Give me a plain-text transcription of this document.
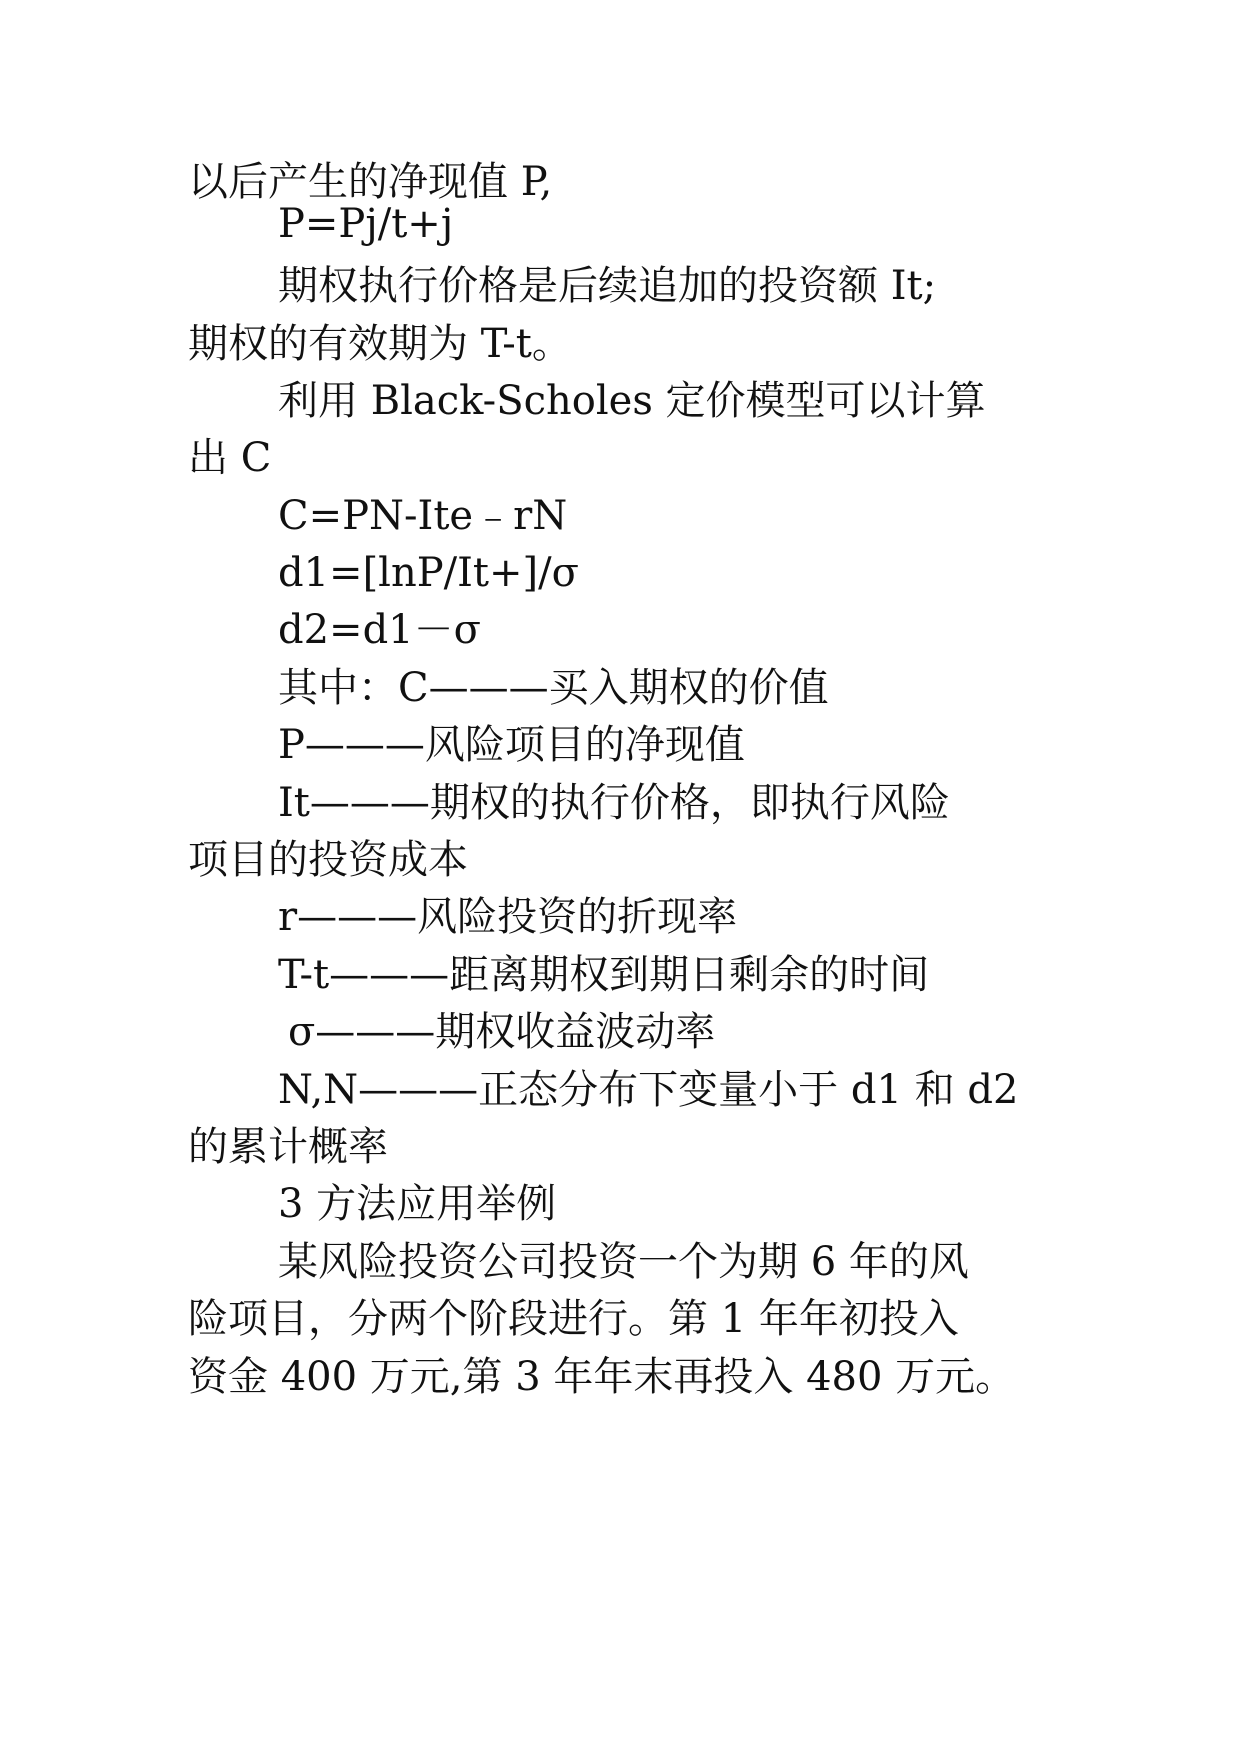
以后产生的净现值 P,
P=Pj/t+j
期权执行价格是后续追加的投资额 It;
期权的有效期为 T-t。
利用 Black-Scholes 定价模型可以计算
出 C
C=PN-Ite﹣rN
d1=[lnP/It+]/σ
d2=d1－σ
其中：C———买入期权的价值
P———风险项目的净现值
It———期权的执行价格，即执行风险
项目的投资成本
r———风险投资的折现率
T-t———距离期权到期日剩余的时间
σ———期权收益波动率
N,N———正态分布下变量小于 d1 和 d2
的累计概率
3 方法应用举例
某风险投资公司投资一个为期 6 年的风
险项目，分两个阶段进行。第 1 年年初投入
资金 400 万元,第 3 年年末再投入 480 万元。
